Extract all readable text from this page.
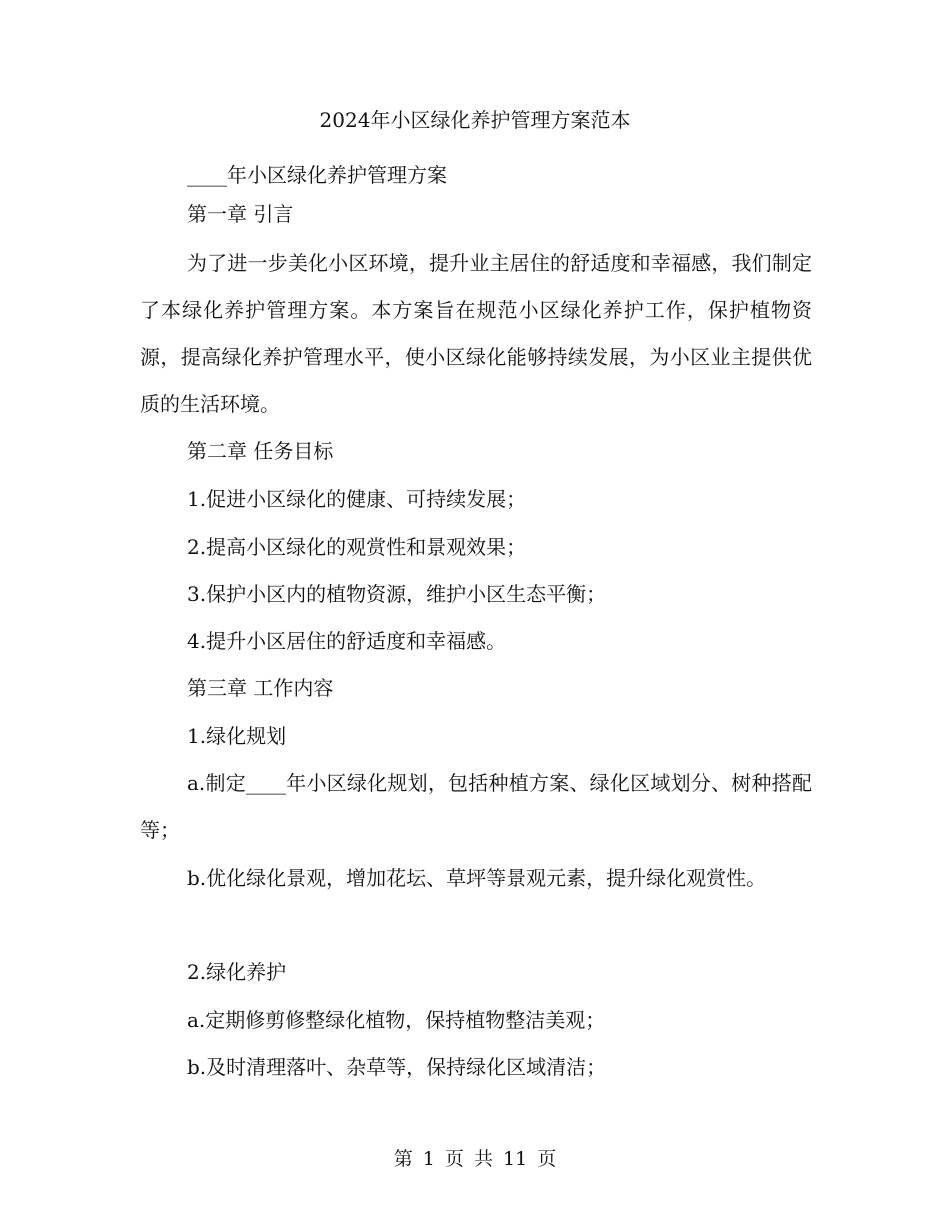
2024年小区绿化养护管理方案范本

____年小区绿化养护管理方案

第一章 引言

为了进一步美化小区环境，提升业主居住的舒适度和幸福感，我们制定了本绿化养护管理方案。本方案旨在规范小区绿化养护工作，保护植物资源，提高绿化养护管理水平，使小区绿化能够持续发展，为小区业主提供优质的生活环境。

第二章 任务目标

1.促进小区绿化的健康、可持续发展；

2.提高小区绿化的观赏性和景观效果；

3.保护小区内的植物资源，维护小区生态平衡；

4.提升小区居住的舒适度和幸福感。

第三章 工作内容

1.绿化规划

a.制定____年小区绿化规划，包括种植方案、绿化区域划分、树种搭配等；

b.优化绿化景观，增加花坛、草坪等景观元素，提升绿化观赏性。

2.绿化养护

a.定期修剪修整绿化植物，保持植物整洁美观；

b.及时清理落叶、杂草等，保持绿化区域清洁；

第 1 页 共 11 页
